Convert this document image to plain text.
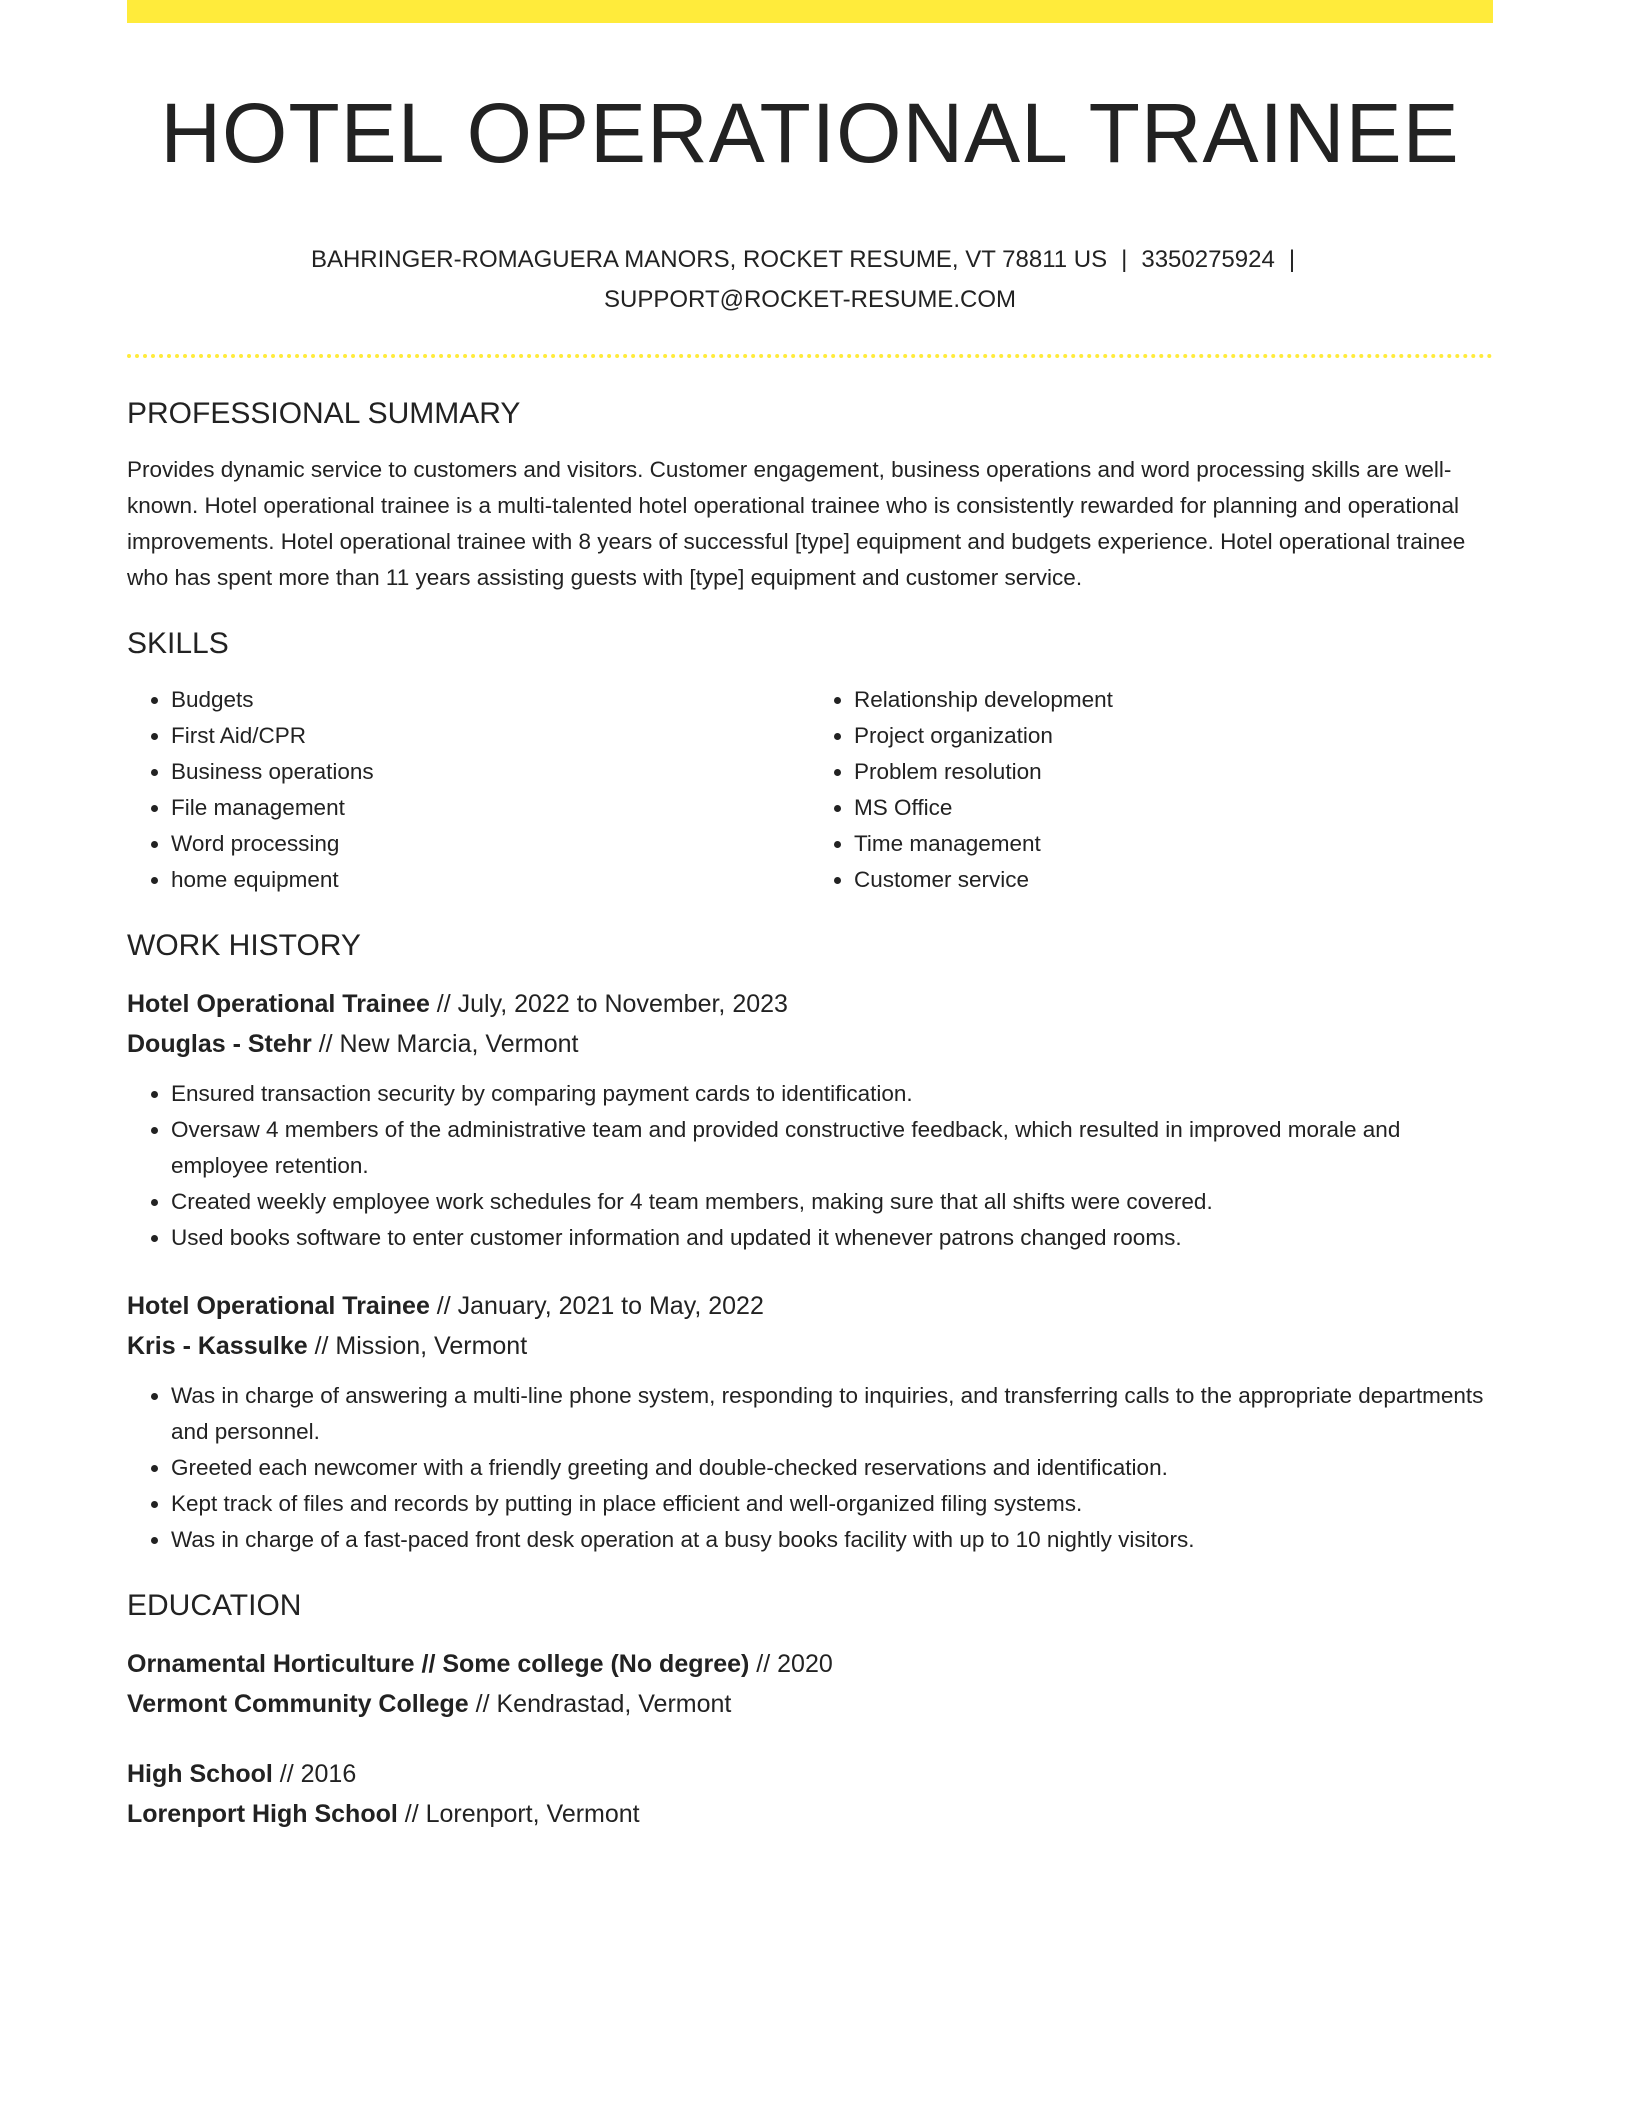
HOTEL OPERATIONAL TRAINEE
BAHRINGER-ROMAGUERA MANORS, ROCKET RESUME, VT 78811 US | 3350275924 |
SUPPORT@ROCKET-RESUME.COM
PROFESSIONAL SUMMARY

Provides dynamic service to customers and visitors. Customer engagement, business operations and word processing skills are well-known. Hotel operational trainee is a multi-talented hotel operational trainee who is consistently rewarded for planning and operational improvements. Hotel operational trainee with 8 years of successful [type] equipment and budgets experience. Hotel operational trainee who has spent more than 11 years assisting guests with [type] equipment and customer service.

SKILLS
• Budgets
• First Aid/CPR
• Business operations
• File management
• Word processing
• home equipment
• Relationship development
• Project organization
• Problem resolution
• MS Office
• Time management
• Customer service
WORK HISTORY
Hotel Operational Trainee // July, 2022 to November, 2023
Douglas - Stehr // New Marcia, Vermont
• Ensured transaction security by comparing payment cards to identification.
• Oversaw 4 members of the administrative team and provided constructive feedback, which resulted in improved morale and employee retention.
• Created weekly employee work schedules for 4 team members, making sure that all shifts were covered.
• Used books software to enter customer information and updated it whenever patrons changed rooms.
Hotel Operational Trainee // January, 2021 to May, 2022
Kris - Kassulke // Mission, Vermont
• Was in charge of answering a multi-line phone system, responding to inquiries, and transferring calls to the appropriate departments and personnel.
• Greeted each newcomer with a friendly greeting and double-checked reservations and identification.
• Kept track of files and records by putting in place efficient and well-organized filing systems.
• Was in charge of a fast-paced front desk operation at a busy books facility with up to 10 nightly visitors.
EDUCATION
Ornamental Horticulture // Some college (No degree) // 2020
Vermont Community College // Kendrastad, Vermont
High School // 2016
Lorenport High School // Lorenport, Vermont
